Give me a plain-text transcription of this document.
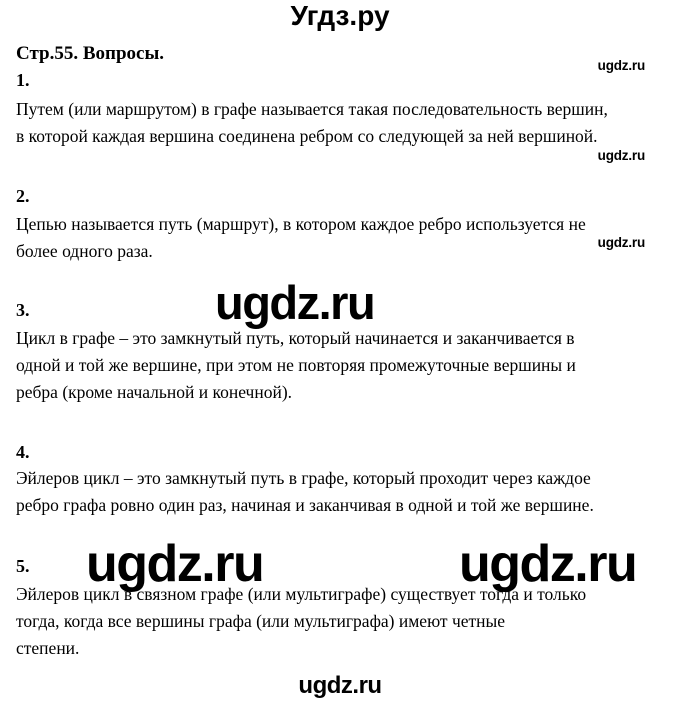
Угдз.ру
Стр.55. Вопросы.
ugdz.ru
1.
Путем (или маршрутом) в графе называется такая последовательность вершин,
в которой каждая вершина соединена ребром со следующей за ней вершиной.
ugdz.ru
2.
Цепью называется путь (маршрут), в котором каждое ребро используется не
более одного раза.	ugdz.ru
ugdz.ru
3.
Цикл в графе – это замкнутый путь, который начинается и заканчивается в
одной и той же вершине, при этом не повторяя промежуточные вершины и
ребра (кроме начальной и конечной).
4.
Эйлеров цикл – это замкнутый путь в графе, который проходит через каждое
ребро графа ровно один раз, начиная и заканчивая в одной и той же вершине.
5. ugdz.ru	ugdz.ru
Эйлеров цикл в связном графе (или мультиграфе) существует тогда и только
тогда, когда все вершины графа (или мультиграфа) имеют четные
степени.
ugdz.ru
